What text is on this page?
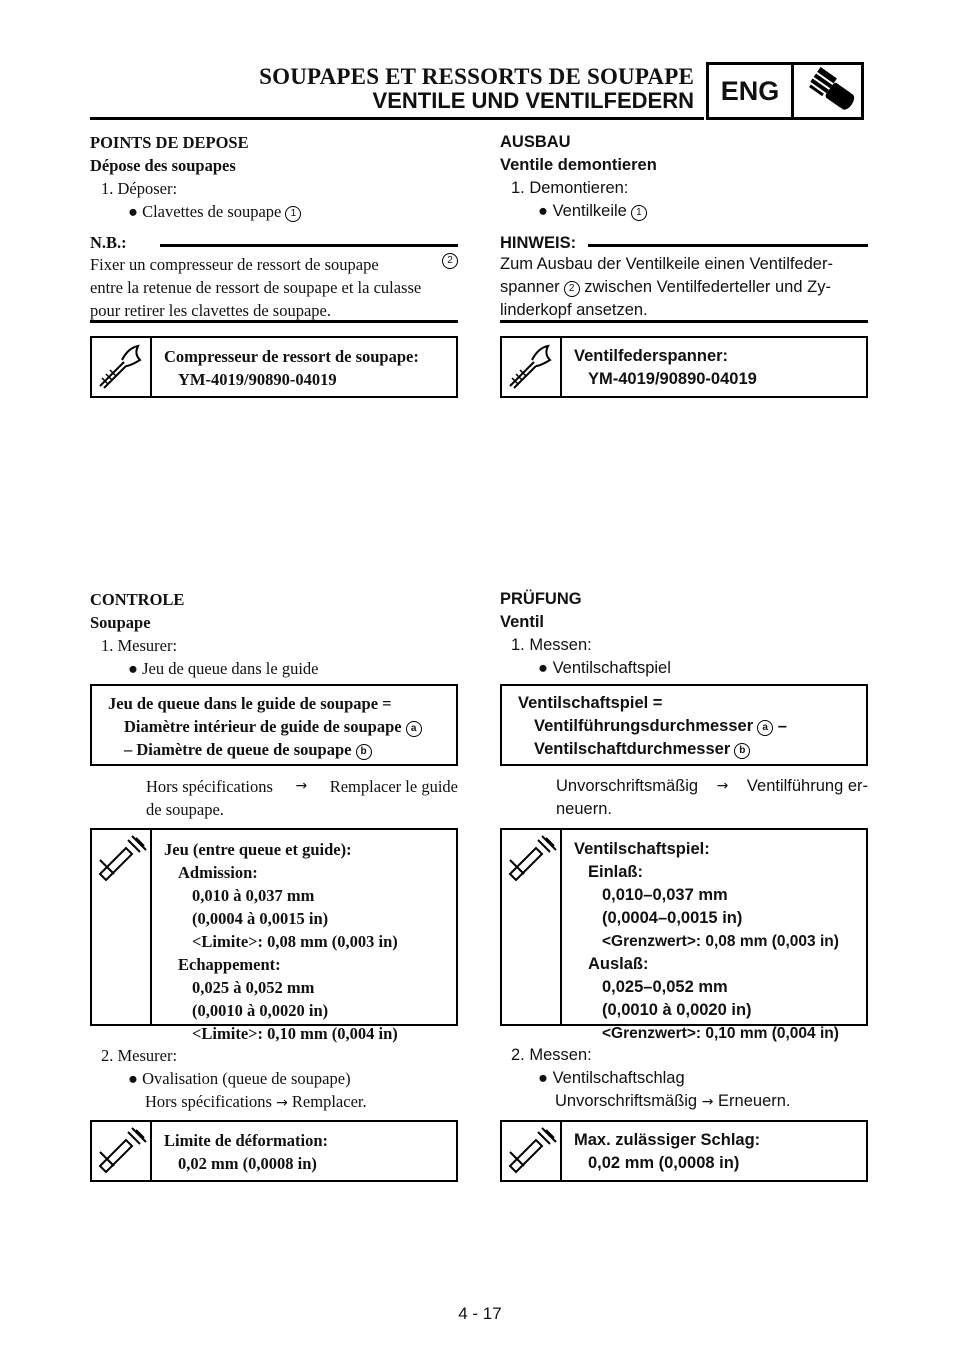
SOUPAPES ET RESSORTS DE SOUPAPE
VENTILE UND VENTILFEDERN ENG
POINTS DE DEPOSE
Dépose des soupapes
1. Déposer:
● Clavettes de soupape 1
N.B.:
Fixer un compresseur de ressort de soupape	2
entre la retenue de ressort de soupape et la culasse
pour retirer les clavettes de soupape.
Compresseur de ressort de soupape:
YM-4019/90890-04019
CONTROLE
Soupape
1. Mesurer:
● Jeu de queue dans le guide
Jeu de queue dans le guide de soupape =
Diamètre intérieur de guide de soupape a
– Diamètre de queue de soupape b
Hors spécifications → Remplacer le guide
de soupape.
Jeu (entre queue et guide):
Admission:
0,010 à 0,037 mm
(0,0004 à 0,0015 in)
<Limite>: 0,08 mm (0,003 in)
Echappement:
0,025 à 0,052 mm
(0,0010 à 0,0020 in)
<Limite>: 0,10 mm (0,004 in)
2. Mesurer:
● Ovalisation (queue de soupape)
Hors spécifications → Remplacer.
Limite de déformation:
0,02 mm (0,0008 in)
AUSBAU
Ventile demontieren
1. Demontieren:
● Ventilkeile 1
HINWEIS:
Zum Ausbau der Ventilkeile einen Ventilfeder-
spanner 2 zwischen Ventilfederteller und Zy-
linderkopf ansetzen.
Ventilfederspanner:
YM-4019/90890-04019
PRÜFUNG
Ventil
1. Messen:
● Ventilschaftspiel
Ventilschaftspiel =
Ventilführungsdurchmesser a –
Ventilschaftdurchmesser b
Unvorschriftsmäßig → Ventilführung er-
neuern.
Ventilschaftspiel:
Einlaß:
0,010–0,037 mm
(0,0004–0,0015 in)
<Grenzwert>: 0,08 mm (0,003 in)
Auslaß:
0,025–0,052 mm
(0,0010 à 0,0020 in)
<Grenzwert>: 0,10 mm (0,004 in)
2. Messen:
● Ventilschaftschlag
Unvorschriftsmäßig → Erneuern.
Max. zulässiger Schlag:
0,02 mm (0,0008 in)
4 - 17
